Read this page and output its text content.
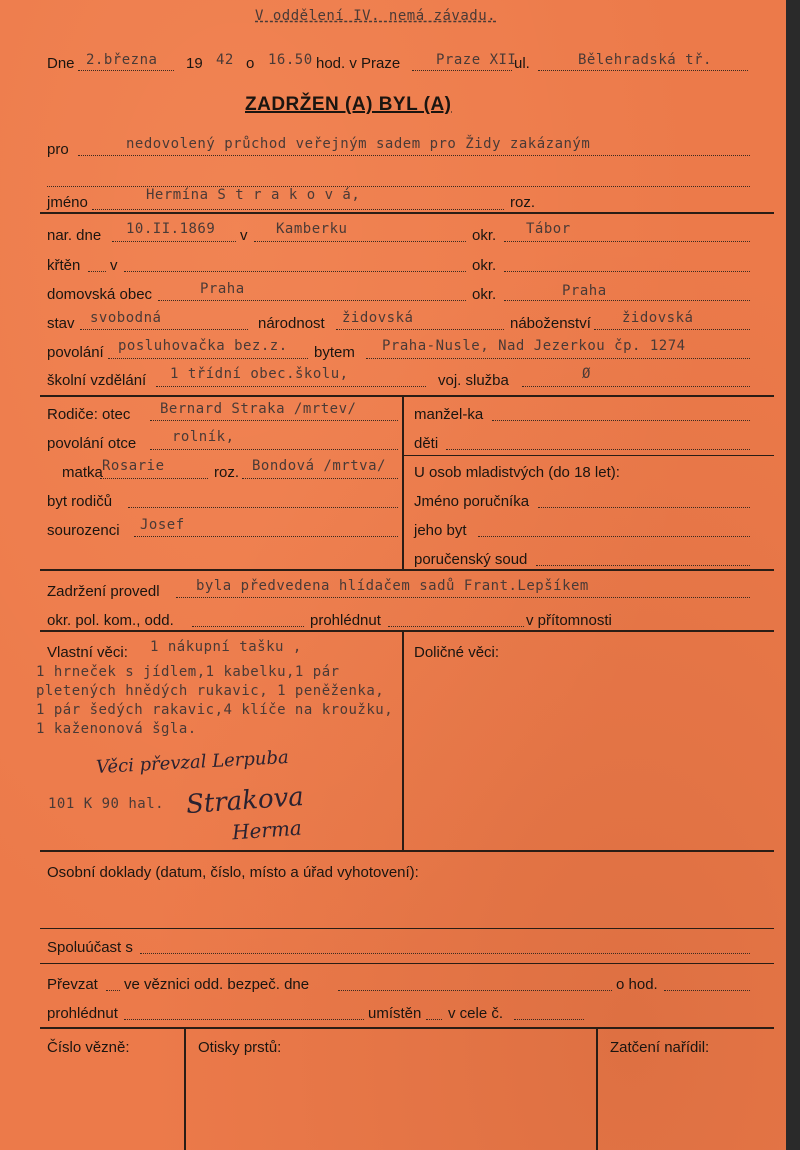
V oddělení IV. nemá závadu.
Dne 2.března 19 42 o 16.50 hod. v Praze	Praze XII
ul.	Bělehradská tř.
ZADRŽEN (A) BYL (A)
pro	nedovolený průchod veřejným sadem pro Židy zakázaným
jméno	Hermína S t r a k o v á,	roz.
nar. dne 10.II.1869 v Kamberku	okr. Tábor
křtěn v	okr.
domovská obec	Praha	okr.	Praha
stav svobodná	národnost židovská	náboženství židovská
povolání posluhovačka bez.z. bytem Praha-Nusle, Nad Jezerkou čp. 1274
školní vzdělání 1 třídní obec.školu,	voj. služba	Ø
Rodiče: otec Bernard Straka /mrtev/
povolání otce	rolník,
matka Rosarie	roz. Bondová /mrtva/
byt rodičů
sourozenci Josef
manžel-ka
děti
U osob mladistvých (do 18 let):
Jméno poručníka
jeho byt
poručenský soud
Zadržení provedl	byla předvedena hlídačem sadů Frant.Lepšíkem
okr. pol. kom., odd.	prohlédnut	v přítomnosti
Vlastní věci: 1 nákupní tašku ,
1 hrneček s jídlem,1 kabelku,1 pár
pletených hnědých rukavic, 1 peněženka,
1 pár šedých rakavic,4 klíče na kroužku,
1 kaženonová šgla.
Věci převzal Lerpuba
101 K 90 hal. Strakova
Herma
Doličné věci:
Osobní doklady (datum, číslo, místo a úřad vyhotovení):
Spoluúčast s
Převzat ve věznici odd. bezpeč. dne	o hod.
prohlédnut	umístěn v cele č.
Číslo vězně:	Otisky prstů:	Zatčení nařídil:
